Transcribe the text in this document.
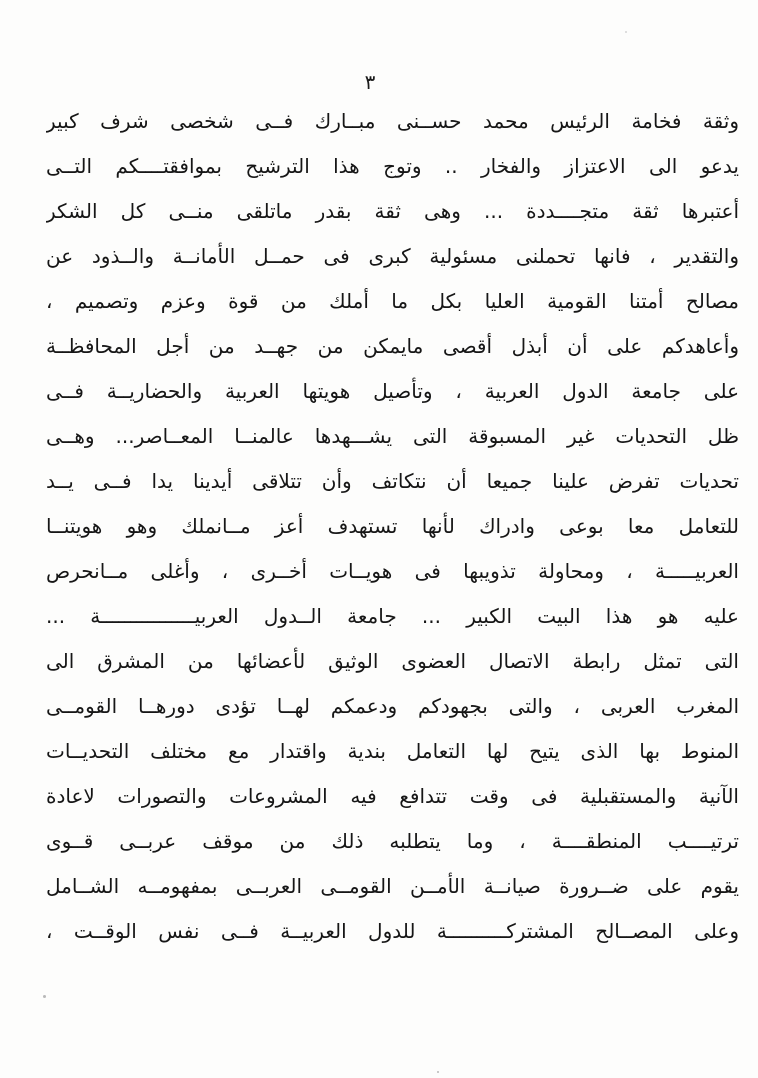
٣
وثقة فخامة الرئيس محمد حســنى مبــارك فــى شخصى شرف كبير
يدعو الى الاعتزاز والفخار .. وتوج هذا الترشيح بموافقتــــكم التــى
أعتبرها ثقة متجــــددة ... وهى ثقة بقدر ماتلقى منــى كل الشكر
والتقدير ، فانها تحملنى مسئولية كبرى فى حمــل الأمانــة والــذود عن
مصالح أمتنا القومية العليا بكل ما أملك من قوة وعزم وتصميم ،
وأعاهدكم على أن أبذل أقصى مايمكن من جهــد من أجل المحافظــة
على جامعة الدول العربية ، وتأصيل هويتها العربية والحضاريــة فــى
ظل التحديات غير المسبوقة التى يشـــهدها عالمنــا المعــاصر... وهــى
تحديات تفرض علينا جميعا أن نتكاتف وأن تتلاقى أيدينا يدا فــى يــد
للتعامل معا بوعى وادراك لأنها تستهدف أعز مــانملك وهو هويتنــا
العربيـــــة ، ومحاولة تذويبها فى هويــات أخــرى ، وأغلى مــانحرص
عليه هو هذا البيت الكبير ... جامعة الــدول العربيــــــــــــــــة ...
التى تمثل رابطة الاتصال العضوى الوثيق لأعضائها من المشرق الى
المغرب العربى ، والتى بجهودكم ودعمكم لهــا تؤدى دورهــا القومــى
المنوط بها الذى يتيح لها التعامل بندية واقتدار مع مختلف التحديــات
الآنية والمستقبلية فى وقت تتدافع فيه المشروعات والتصورات لاعادة
ترتيــــب المنطقــــة ، وما يتطلبه ذلك من موقف عربــى قــوى
يقوم على ضــرورة صيانــة الأمــن القومــى العربــى بمفهومــه الشــامل
وعلى المصــالح المشتركــــــــــة للدول العربيــة فــى نفس الوقــت ،
